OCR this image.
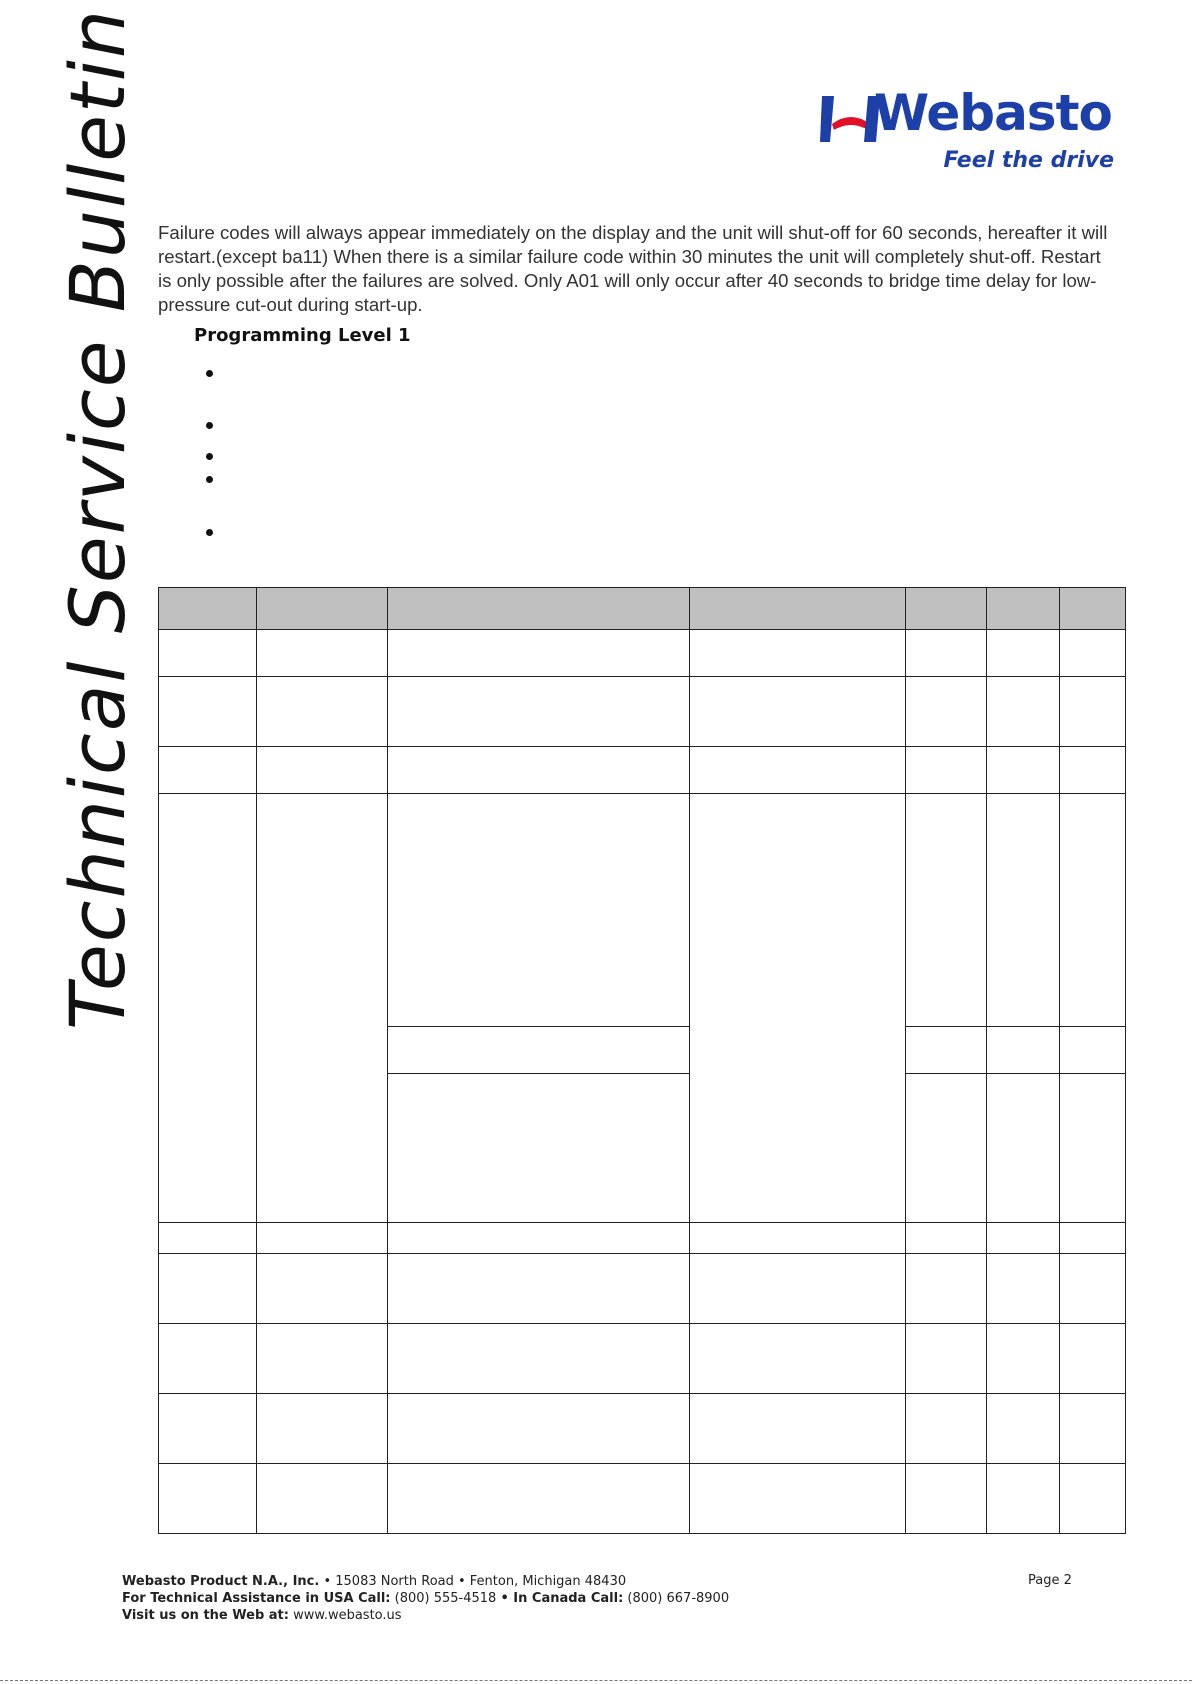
Technical Service Bulletin	Webasto
Feel the drive

Failure codes will always appear immediately on the display and the unit will shut-off for 60 seconds, hereafter it will restart.(except ba11) When there is a similar failure code within 30 minutes the unit will completely shut-off. Restart is only possible after the failures are solved. Only A01 will only occur after 40 seconds to bridge time delay for low-pressure cut-out during start-up.

Programming Level 1

Webasto Product N.A., Inc. • 15083 North Road • Fenton, Michigan 48430
For Technical Assistance in USA Call: (800) 555-4518 • In Canada Call: (800) 667-8900
Visit us on the Web at: www.webasto.us
Page 2
